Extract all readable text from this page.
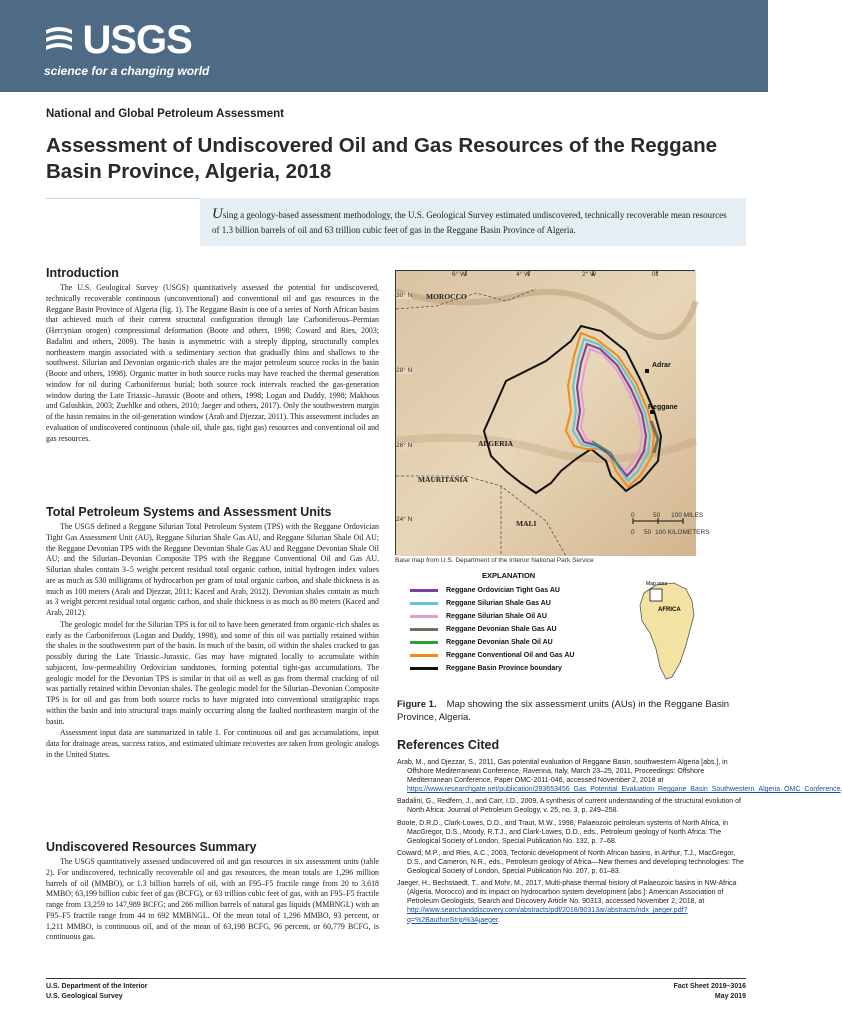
USGS
science for a changing world
National and Global Petroleum Assessment
Assessment of Undiscovered Oil and Gas Resources of the Reggane Basin Province, Algeria, 2018
Using a geology-based assessment methodology, the U.S. Geological Survey estimated undiscovered, technically recoverable mean resources of 1.3 billion barrels of oil and 63 trillion cubic feet of gas in the Reggane Basin Province of Algeria.
Introduction

The U.S. Geological Survey (USGS) quantitatively assessed the potential for undiscovered, technically recoverable continuous (unconventional) and conventional oil and gas resources in the Reggane Basin Province of Algeria (fig. 1). The Reggane Basin is one of a series of North African basins that achieved much of their current structural configuration through late Carboniferous–Permian (Hercynian orogen) compressional deformation (Boote and others, 1998; Coward and Ries, 2003; Badalini and others, 2009). The basin is asymmetric with a steeply dipping, structurally complex northeastern margin associated with a sedimentary section that gradually thins and shallows to the southwest. Silurian and Devonian organic-rich shales are the major petroleum source rocks in the basin (Boote and others, 1998). Organic matter in both source rocks may have reached the thermal generation window for oil during Carboniferous burial; both source rock intervals reached the gas-generation window during the Late Triassic–Jurassic (Boote and others, 1998; Logan and Duddy, 1998; Makhous and Galushkin, 2003; Zuehlke and others, 2010; Jaeger and others, 2017). Only the southwestern margin of the basin remains in the oil-generation window (Arab and Djezzar, 2011). This assessment includes an evaluation of undiscovered continuous (shale oil, shale gas, tight gas) resources and conventional oil and gas resources.

Total Petroleum Systems and Assessment Units

The USGS defined a Reggane Silurian Total Petroleum System (TPS) with the Reggane Ordovician Tight Gas Assessment Unit (AU), Reggane Silurian Shale Gas AU, and Reggane Silurian Shale Oil AU; the Reggane Devonian TPS with the Reggane Devonian Shale Gas AU and Reggane Devonian Shale Oil AU; and the Silurian–Devonian Composite TPS with the Reggane Conventional Oil and Gas AU. Silurian shales contain 3–5 weight percent residual total organic carbon, initial hydrogen index values are as much as 530 milligrams of hydrocarbon per gram of total organic carbon, and shale thickness is as much as 100 meters (Arab and Djezzar, 2011; Kaced and Arab, 2012). Devonian shales contain as much as 3 weight percent residual total organic carbon, and shale thickness is as much as 80 meters (Kaced and Arab, 2012).

The geologic model for the Silurian TPS is for oil to have been generated from organic-rich shales as early as the Carboniferous (Logan and Duddy, 1998), and some of this oil was partially retained within the shales in the southwestern part of the basin. In much of the basin, oil within the shales cracked to gas possibly during the Late Triassic–Jurassic. Gas may have migrated locally to accumulate within subjacent, low-permeability Ordovician sandstones, forming potential tight-gas accumulations. The geologic model for the Devonian TPS is similar in that oil as well as gas from thermal cracking of oil was partially retained within Devonian shales. The geologic model for the Silurian–Devonian Composite TPS is for oil and gas from both source rocks to have migrated into conventional stratigraphic traps within the basin and into structural traps mainly occurring along the faulted northeastern margin of the basin.

Assessment input data are summarized in table 1. For continuous oil and gas accumulations, input data for drainage areas, success ratios, and estimated ultimate recoveries are taken from geologic analogs in the United States.

Undiscovered Resources Summary

The USGS quantitatively assessed undiscovered oil and gas resources in six assessment units (table 2). For undiscovered, technically recoverable oil and gas resources, the mean totals are 1,296 million barrels of oil (MMBO), or 1.3 billion barrels of oil, with an F95–F5 fractile range from 20 to 3,618 MMBO; 63,199 billion cubic feet of gas (BCFG), or 63 trillion cubic feet of gas, with an F95–F5 fractile range from 13,259 to 147,989 BCFG; and 266 million barrels of natural gas liquids (MMBNGL) with an F95–F5 fractile range from 44 to 692 MMBNGL. Of the mean total of 1,296 MMBO, 93 percent, or 1,211 MMBO, is continuous oil, and of the mean of 63,198 BCFG, 96 percent, or 60,779 BCFG, is continuous gas.

Adrar
Reggane
MOROCCO
ALGERIA
MAURITANIA
MALI
0	50 100 MILES
0 50 100 KILOMETERS
6° W	4° W	2° W	0°
30° N
28° N
26° N
24° N
Base map from U.S. Department of the Interior National Park Service
EXPLANATION
Reggane Ordovician Tight Gas AU
Reggane Silurian Shale Gas AU
Reggane Silurian Shale Oil AU
Reggane Devonian Shale Gas AU
Reggane Devonian Shale Oil AU
Reggane Conventional Oil and Gas AU
Reggane Basin Province boundary
Map area
AFRICA
Figure 1. Map showing the six assessment units (AUs) in the Reggane Basin Province, Algeria.
References Cited
Arab, M., and Djezzar, S., 2011, Gas potential evaluation of Reggane Basin, southwestern Algeria [abs.], in Offshore Mediterranean Conference, Ravenna, Italy, March 23–25, 2011, Proceedings: Offshore Mediterranean Conference, Paper OMC-2011-046, accessed November 2, 2018 at https://www.researchgate.net/publication/293653456_Gas_Potential_Evaluation_Reggane_Basin_Southwestern_Algeria_OMC_Conference
Badalini, G., Redfern, J., and Carr, I.D., 2009, A synthesis of current understanding of the structural evolution of North Africa: Journal of Petroleum Geology, v. 25, no. 3, p. 249–258.
Boote, D.R.D., Clark-Lowes, D.D., and Traut, M.W., 1998, Palaeozoic petroleum systems of North Africa, in MacGregor, D.S., Moody, R.T.J., and Clark-Lowes, D.D., eds., Petroleum geology of North Africa: The Geological Society of London, Special Publication No. 132, p. 7–68.
Coward, M.P., and Ries, A.C., 2003, Tectonic development of North African basins, in Arthur, T.J., MacGregor, D.S., and Cameron, N.R., eds., Petroleum geology of Africa—New themes and developing technologies: The Geological Society of London, Special Publication No. 207, p. 61–83.
Jaeger, H., Bechstaedt, T., and Mohr, M., 2017, Multi-phase thermal history of Palaeozoic basins in NW-Africa (Algeria, Morocco) and its impact on hydrocarbon system development [abs.]: American Association of Petroleum Geologists, Search and Discovery Article No. 90313, accessed November 2, 2018, at http://www.searchanddiscovery.com/abstracts/pdf/2018/90313ar/abstracts/ndx_jaeger.pdf?q=%2BauthorStrip%3Ajaeger.
U.S. Department of the Interior
U.S. Geological Survey
Fact Sheet 2019–3016
May 2019
